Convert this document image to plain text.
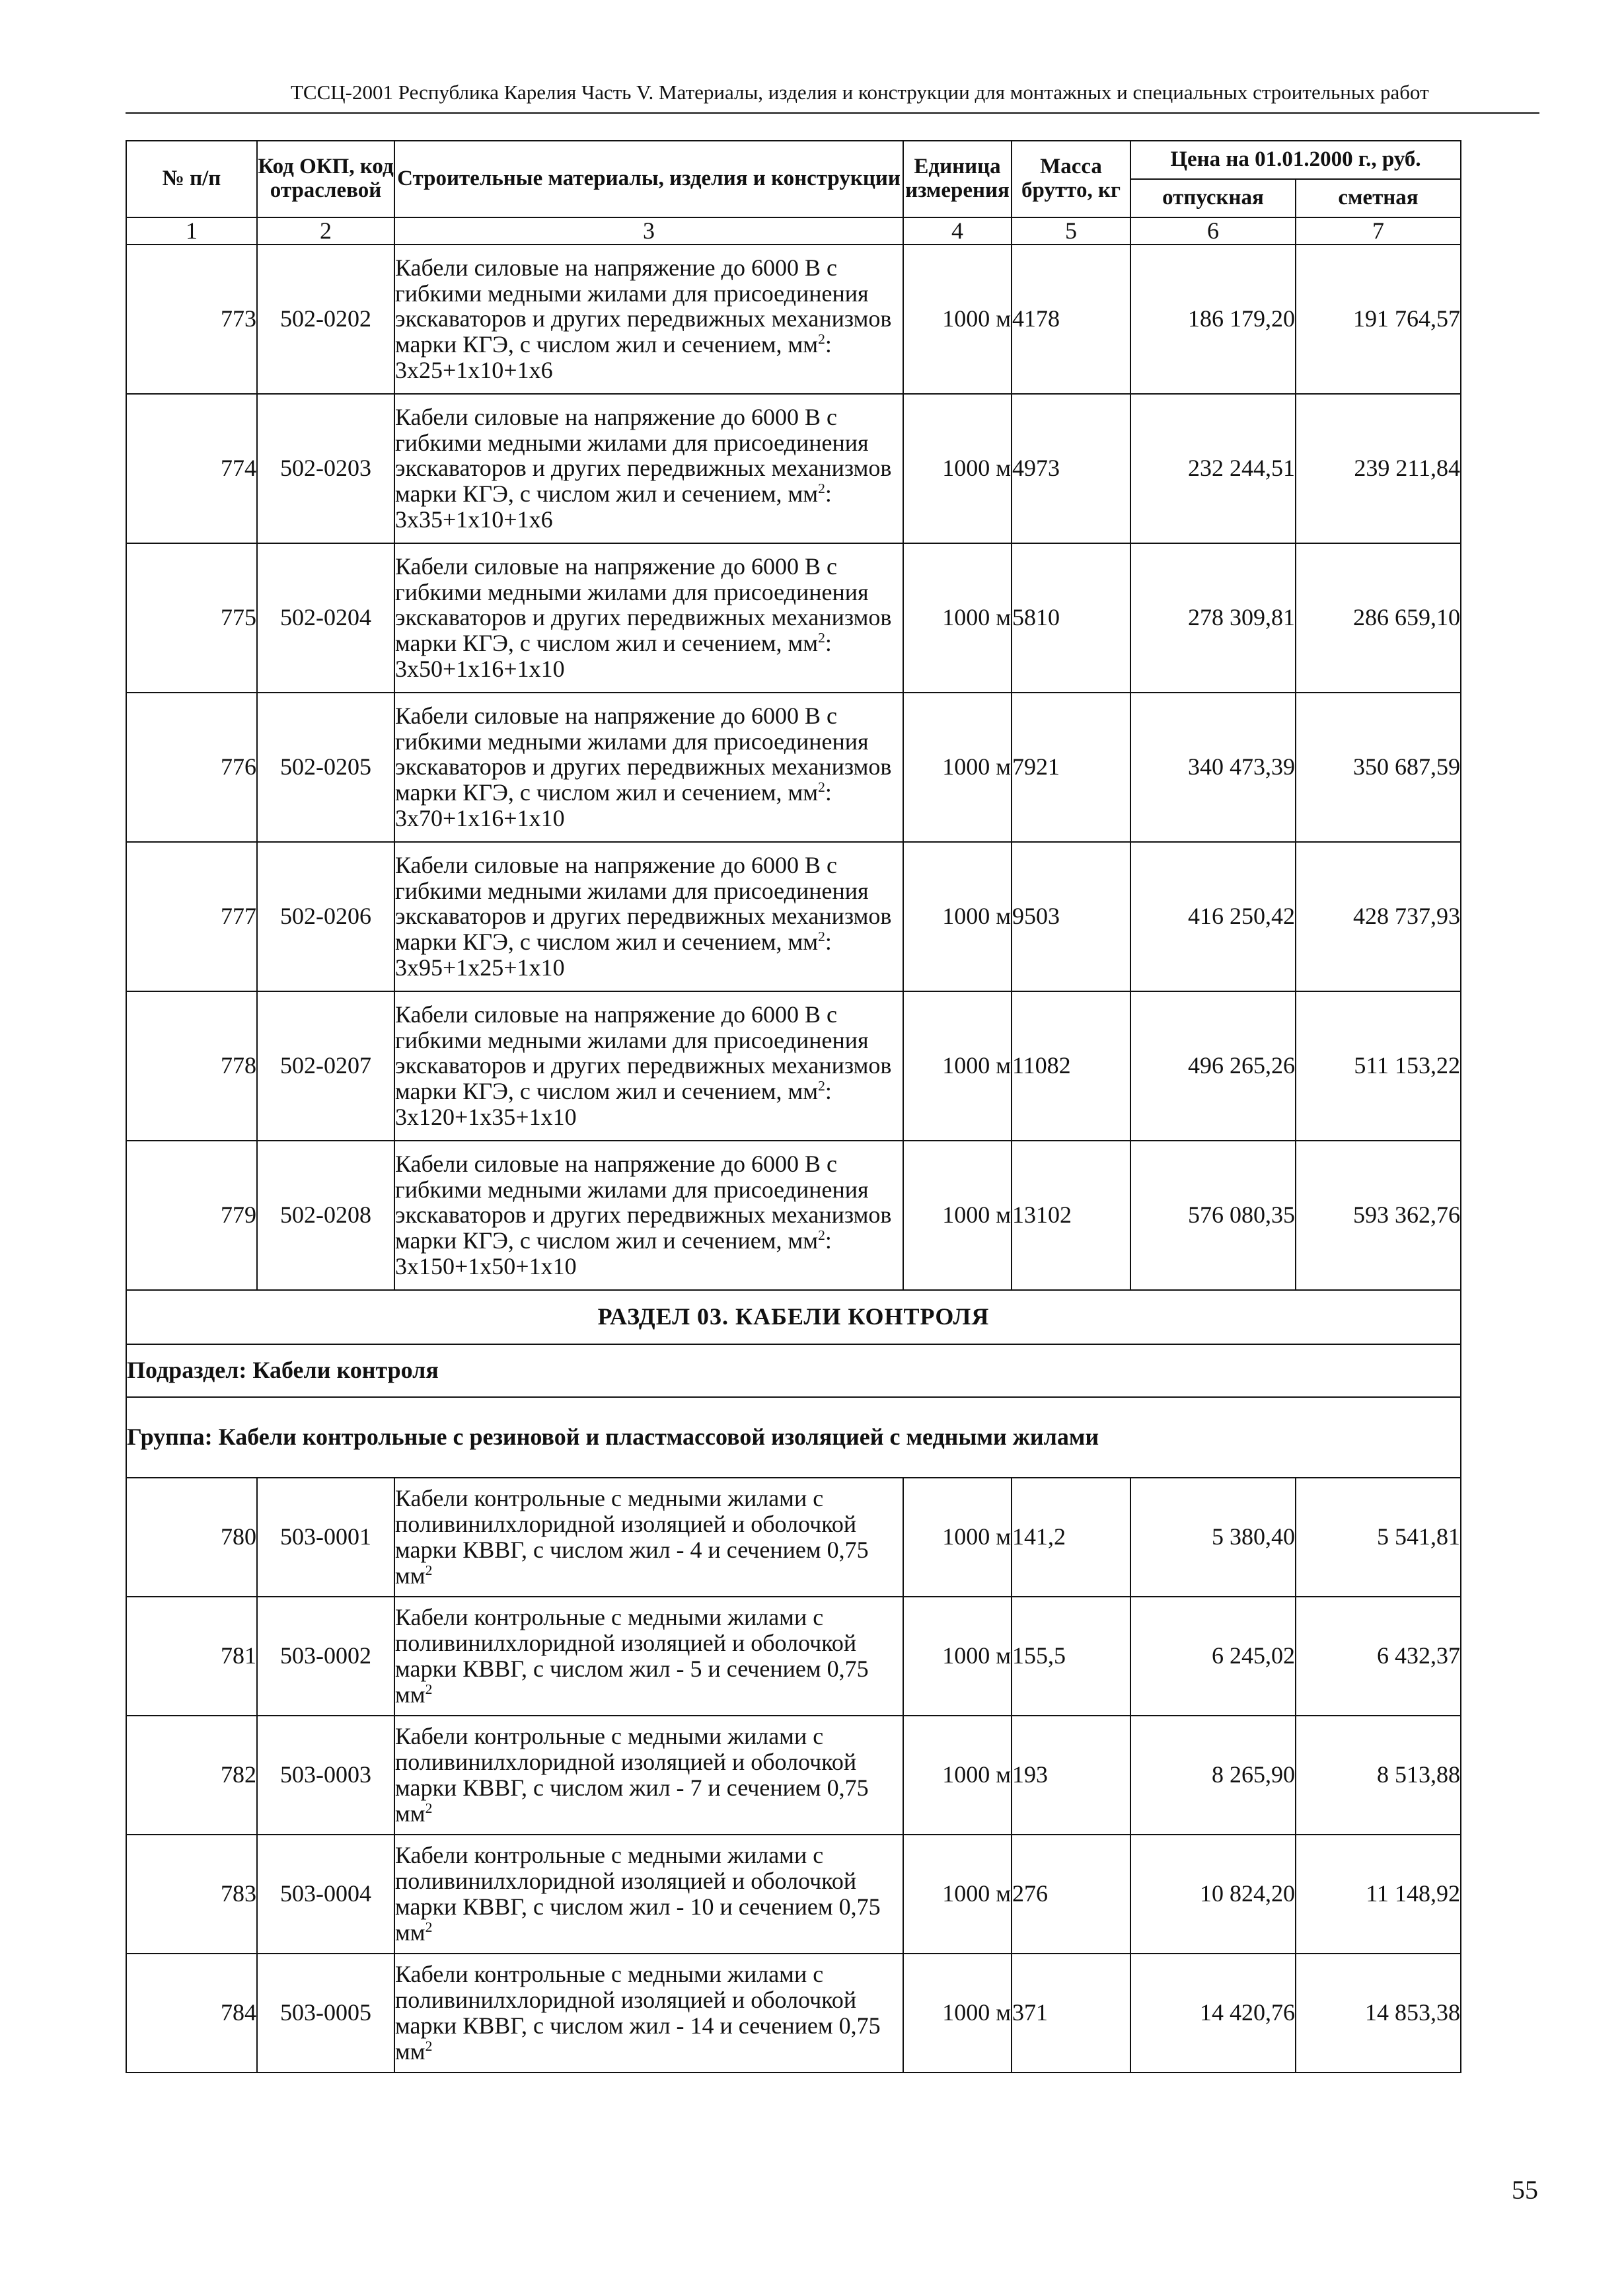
ТССЦ-2001 Республика Карелия Часть V. Материалы, изделия и конструкции для монтажных и специальных строительных работ
№ п/п	Код ОКП, код отраслевой	Строительные материалы, изделия и конструкции	Единица измерения	Масса брутто, кг	Цена на 01.01.2000 г., руб.	
					отпускная	сметная
1	2	3	4	5	6	7
773	502-0202	Кабели силовые на напряжение до 6000 В с гибкими медными жилами для присоединения экскаваторов и других передвижных механизмов марки КГЭ, с числом жил и сечением, $мм^2$: 3х25+1х10+1х6	1000 м	4178	186 179,20	191 764,57
774	502-0203	Кабели силовые на напряжение до 6000 В с гибкими медными жилами для присоединения экскаваторов и других передвижных механизмов марки КГЭ, с числом жил и сечением, $мм^2$: 3х35+1х10+1х6	1000 м	4973	232 244,51	239 211,84
775	502-0204	Кабели силовые на напряжение до 6000 В с гибкими медными жилами для присоединения экскаваторов и других передвижных механизмов марки КГЭ, с числом жил и сечением, $мм^2$: 3х50+1х16+1х10	1000 м	5810	278 309,81	286 659,10
776	502-0205	Кабели силовые на напряжение до 6000 В с гибкими медными жилами для присоединения экскаваторов и других передвижных механизмов марки КГЭ, с числом жил и сечением, $мм^2$: 3х70+1х16+1х10	1000 м	7921	340 473,39	350 687,59
777	502-0206	Кабели силовые на напряжение до 6000 В с гибкими медными жилами для присоединения экскаваторов и других передвижных механизмов марки КГЭ, с числом жил и сечением, $мм^2$: 3х95+1х25+1х10	1000 м	9503	416 250,42	428 737,93
778	502-0207	Кабели силовые на напряжение до 6000 В с гибкими медными жилами для присоединения экскаваторов и других передвижных механизмов марки КГЭ, с числом жил и сечением, $мм^2$: 3х120+1х35+1х10	1000 м	11082	496 265,26	511 153,22
779	502-0208	Кабели силовые на напряжение до 6000 В с гибкими медными жилами для присоединения экскаваторов и других передвижных механизмов марки КГЭ, с числом жил и сечением, $мм^2$: 3х150+1х50+1х10	1000 м	13102	576 080,35	593 362,76
РАЗДЕЛ 03. КАБЕЛИ КОНТРОЛЯ						
Подраздел: Кабели контроля						
Группа: Кабели контрольные с резиновой и пластмассовой изоляцией с медными жилами						
780	503-0001	Кабели контрольные с медными жилами с поливинилхлоридной изоляцией и оболочкой марки КВВГ, с числом жил - 4 и сечением 0,75 $мм^2$	1000 м	141,2	5 380,40	5 541,81
781	503-0002	Кабели контрольные с медными жилами с поливинилхлоридной изоляцией и оболочкой марки КВВГ, с числом жил - 5 и сечением 0,75 $мм^2$	1000 м	155,5	6 245,02	6 432,37
782	503-0003	Кабели контрольные с медными жилами с поливинилхлоридной изоляцией и оболочкой марки КВВГ, с числом жил - 7 и сечением 0,75 $мм^2$	1000 м	193	8 265,90	8 513,88
783	503-0004	Кабели контрольные с медными жилами с поливинилхлоридной изоляцией и оболочкой марки КВВГ, с числом жил - 10 и сечением 0,75 $мм^2$	1000 м	276	10 824,20	11 148,92
784	503-0005	Кабели контрольные с медными жилами с поливинилхлоридной изоляцией и оболочкой марки КВВГ, с числом жил - 14 и сечением 0,75 $мм^2$	1000 м	371	14 420,76	14 853,38
55
